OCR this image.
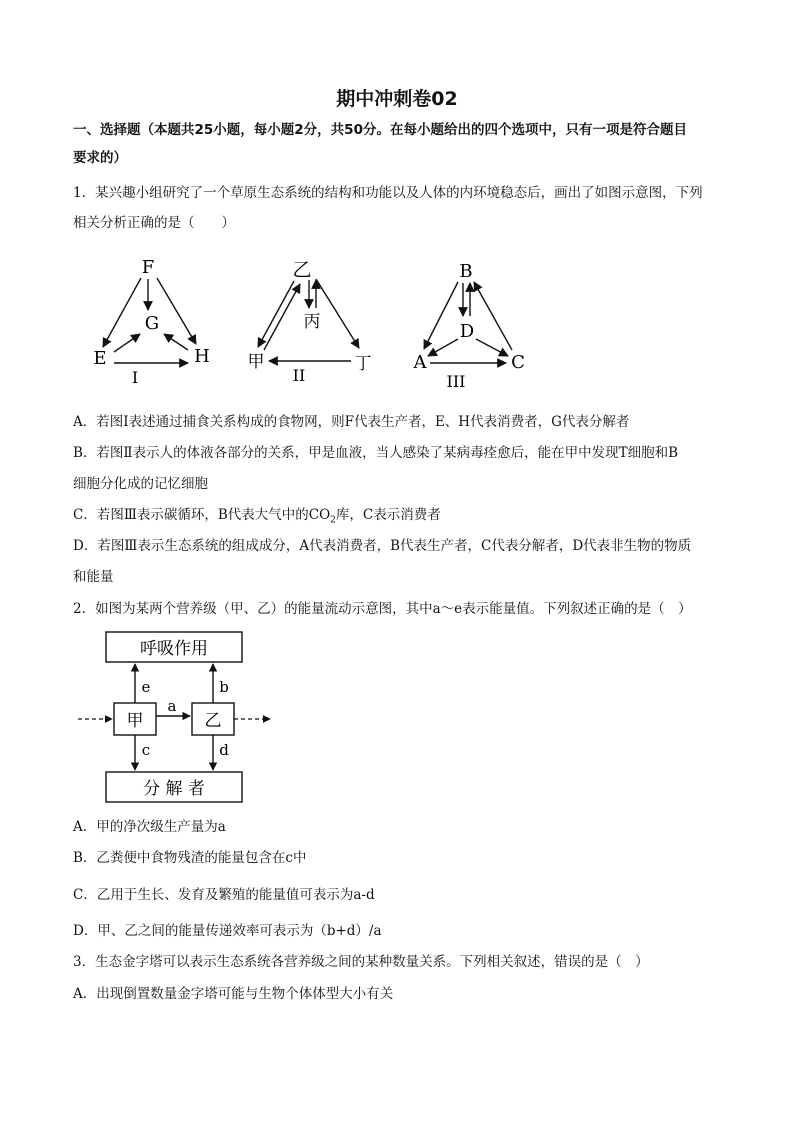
期中冲刺卷02
一、选择题（本题共25小题，每小题2分，共50分。在每小题给出的四个选项中，只有一项是符合题目
要求的）
1．某兴趣小组研究了一个草原生态系统的结构和功能以及人体的内环境稳态后，画出了如图示意图，下列
相关分析正确的是（　　）
F
G
E	H
I
乙
丙
甲	丁
II
B
D
A	C
III
A．若图Ⅰ表述通过捕食关系构成的食物网，则F代表生产者，E、H代表消费者，G代表分解者
B．若图Ⅱ表示人的体液各部分的关系，甲是血液，当人感染了某病毒痊愈后，能在甲中发现T细胞和B
细胞分化成的记忆细胞
C．若图Ⅲ表示碳循环，B代表大气中的$CO_2$库，C表示消费者
D．若图Ⅲ表示生态系统的组成成分，A代表消费者，B代表生产者，C代表分解者，D代表非生物的物质
和能量
2．如图为某两个营养级（甲、乙）的能量流动示意图，其中a～e表示能量值。下列叙述正确的是（　）
呼吸作用
分 解 者
甲	乙
a
e	b
c	d
A．甲的净次级生产量为a
B．乙粪便中食物残渣的能量包含在c中
C．乙用于生长、发育及繁殖的能量值可表示为a-d
D．甲、乙之间的能量传递效率可表示为（b+d）/a
3．生态金字塔可以表示生态系统各营养级之间的某种数量关系。下列相关叙述，错误的是（　）
A．出现倒置数量金字塔可能与生物个体体型大小有关
